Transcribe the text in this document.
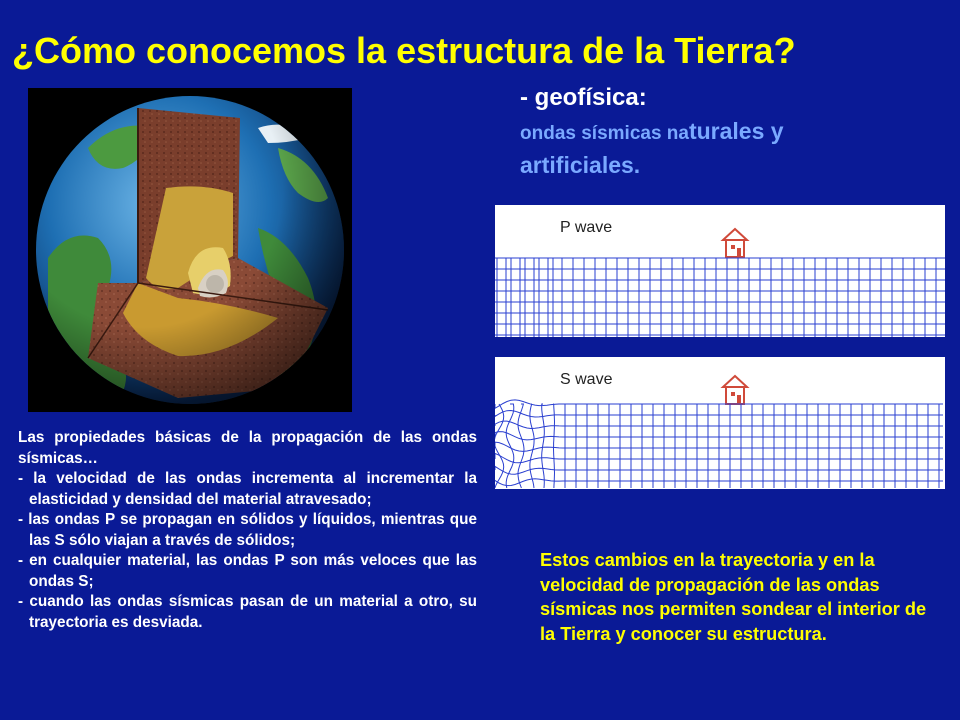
¿Cómo conocemos la estructura de la Tierra?
- geofísica:
ondas sísmicas naturales y
artificiales.
P wave
S wave

Las propiedades básicas de la propagación de las ondas sísmicas…

- la velocidad de las ondas incrementa al incrementar la elasticidad y densidad del material atravesado;

- las ondas P se propagan en sólidos y líquidos, mientras que las S sólo viajan a través de sólidos;

- en cualquier material, las ondas P son más veloces que las ondas S;

- cuando las ondas sísmicas pasan de un material a otro, su trayectoria es desviada.

Estos cambios en la trayectoria y en la velocidad de propagación de las ondas sísmicas nos permiten sondear el interior de la Tierra y conocer su estructura.
